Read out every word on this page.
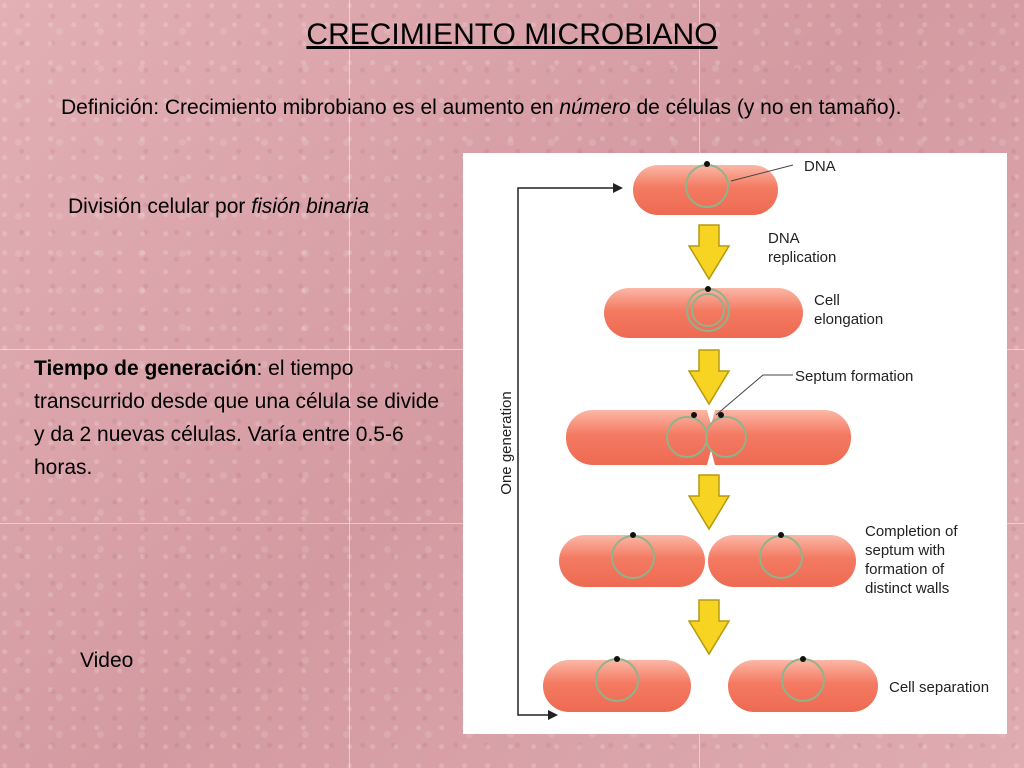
CRECIMIENTO MICROBIANO
Definición: Crecimiento mibrobiano es el aumento en número de células (y no en tamaño).
División celular por fisión binaria
Tiempo de generación: el tiempo transcurrido desde que una célula se divide y da 2 nuevas células. Varía entre 0.5-6 horas.
Video
One generation
DNA
DNA
replication
Cell
elongation
Septum formation
Completion of
septum with
formation of
distinct walls
Cell separation
